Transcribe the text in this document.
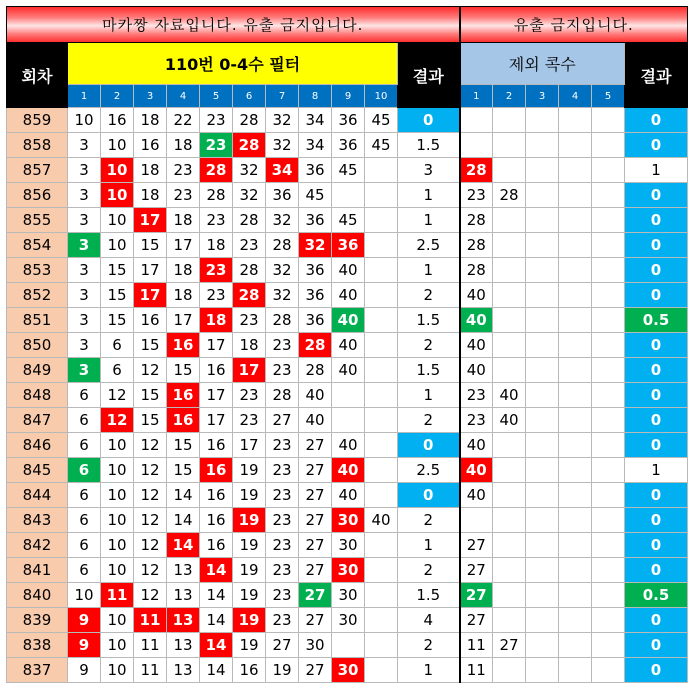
마카짱 자료입니다. 유출 금지입니다.												유출 금지입니다.					
회차	110번 0-4수 필터										결과	제외 콕수					결과
	1	2	3	4	5	6	7	8	9	10		1	2	3	4	5	
859	10	16	18	22	23	28	32	34	36	45	0						0
858	3	10	16	18	23	28	32	34	36	45	1.5						0
857	3	10	18	23	28	32	34	36	45		3	28					1
856	3	10	18	23	28	32	36	45			1	23	28				0
855	3	10	17	18	23	28	32	36	45		1	28					0
854	3	10	15	17	18	23	28	32	36		2.5	28					0
853	3	15	17	18	23	28	32	36	40		1	28					0
852	3	15	17	18	23	28	32	36	40		2	40					0
851	3	15	16	17	18	23	28	36	40		1.5	40					0.5
850	3	6	15	16	17	18	23	28	40		2	40					0
849	3	6	12	15	16	17	23	28	40		1.5	40					0
848	6	12	15	16	17	23	28	40			1	23	40				0
847	6	12	15	16	17	23	27	40			2	23	40				0
846	6	10	12	15	16	17	23	27	40		0	40					0
845	6	10	12	15	16	19	23	27	40		2.5	40					1
844	6	10	12	14	16	19	23	27	40		0	40					0
843	6	10	12	14	16	19	23	27	30	40	2						0
842	6	10	12	14	16	19	23	27	30		1	27					0
841	6	10	12	13	14	19	23	27	30		2	27					0
840	10	11	12	13	14	19	23	27	30		1.5	27					0.5
839	9	10	11	13	14	19	23	27	30		4	27					0
838	9	10	11	13	14	19	27	30			2	11	27				0
837	9	10	11	13	14	16	19	27	30		1	11					0
